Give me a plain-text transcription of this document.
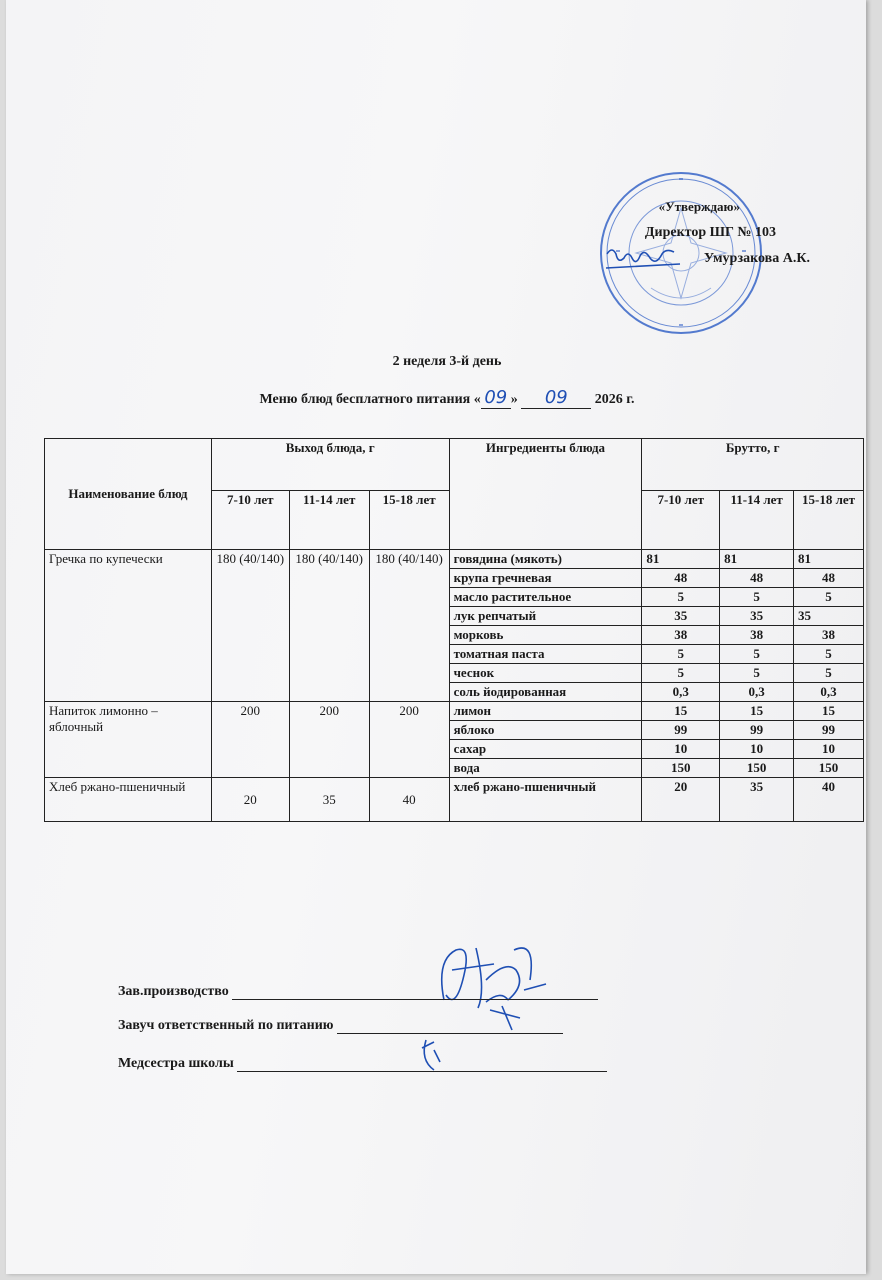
«Утверждаю»
Директор ШГ № 103
Умурзакова А.К.
2 неделя 3-й день
Меню блюд бесплатного питания « 09 » 09 2026 г.
Наименование блюд	Выход блюда, г			Ингредиенты блюда	Брутто, г		
	7-10 лет	11-14 лет	15-18 лет		7-10 лет	11-14 лет	15-18 лет
Гречка по купечески	180 (40/140)	180 (40/140)	180 (40/140)	говядина (мякоть)	81	81	81
				крупа гречневая	48	48	48
				масло растительное	5	5	5
				лук репчатый	35	35	35
				морковь	38	38	38
				томатная паста	5	5	5
				чеснок	5	5	5
				соль йодированная	0,3	0,3	0,3
Напиток лимонно – яблочный	200	200	200	лимон	15	15	15
				яблоко	99	99	99
				сахар	10	10	10
				вода	150	150	150
Хлеб ржано-пшеничный	20	35	40	хлеб ржано-пшеничный	20	35	40
Зав.производство
Завуч ответственный по питанию
Медсестра школы
